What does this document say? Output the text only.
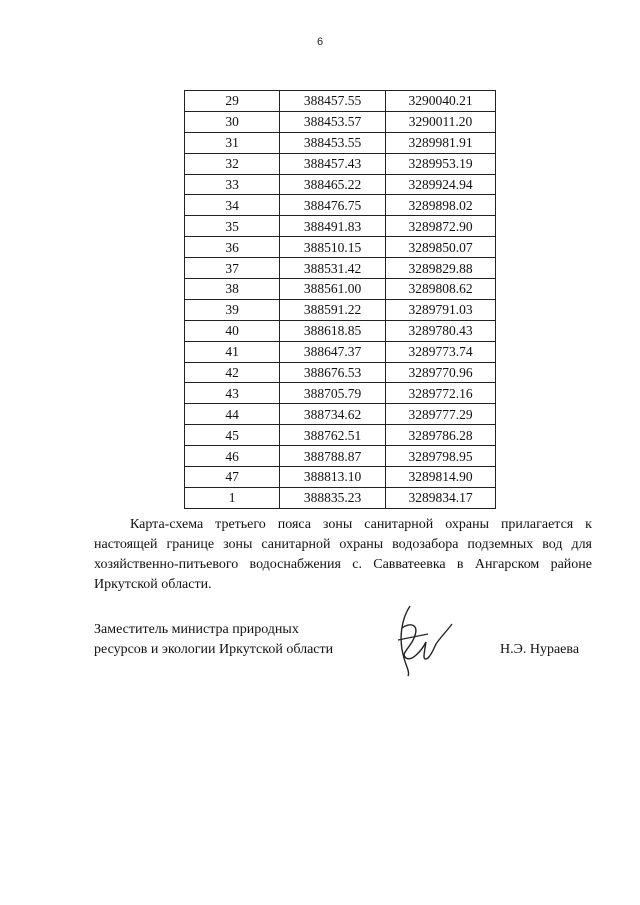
6
29	388457.55	3290040.21
30	388453.57	3290011.20
31	388453.55	3289981.91
32	388457.43	3289953.19
33	388465.22	3289924.94
34	388476.75	3289898.02
35	388491.83	3289872.90
36	388510.15	3289850.07
37	388531.42	3289829.88
38	388561.00	3289808.62
39	388591.22	3289791.03
40	388618.85	3289780.43
41	388647.37	3289773.74
42	388676.53	3289770.96
43	388705.79	3289772.16
44	388734.62	3289777.29
45	388762.51	3289786.28
46	388788.87	3289798.95
47	388813.10	3289814.90
1	388835.23	3289834.17
Карта-схема третьего пояса зоны санитарной охраны прилагается к настоящей границе зоны санитарной охраны водозабора подземных вод для хозяйственно-питьевого водоснабжения с. Савватеевка в Ангарском районе Иркутской области.
Заместитель министра природных
ресурсов и экологии Иркутской области	Н.Э. Нураева
